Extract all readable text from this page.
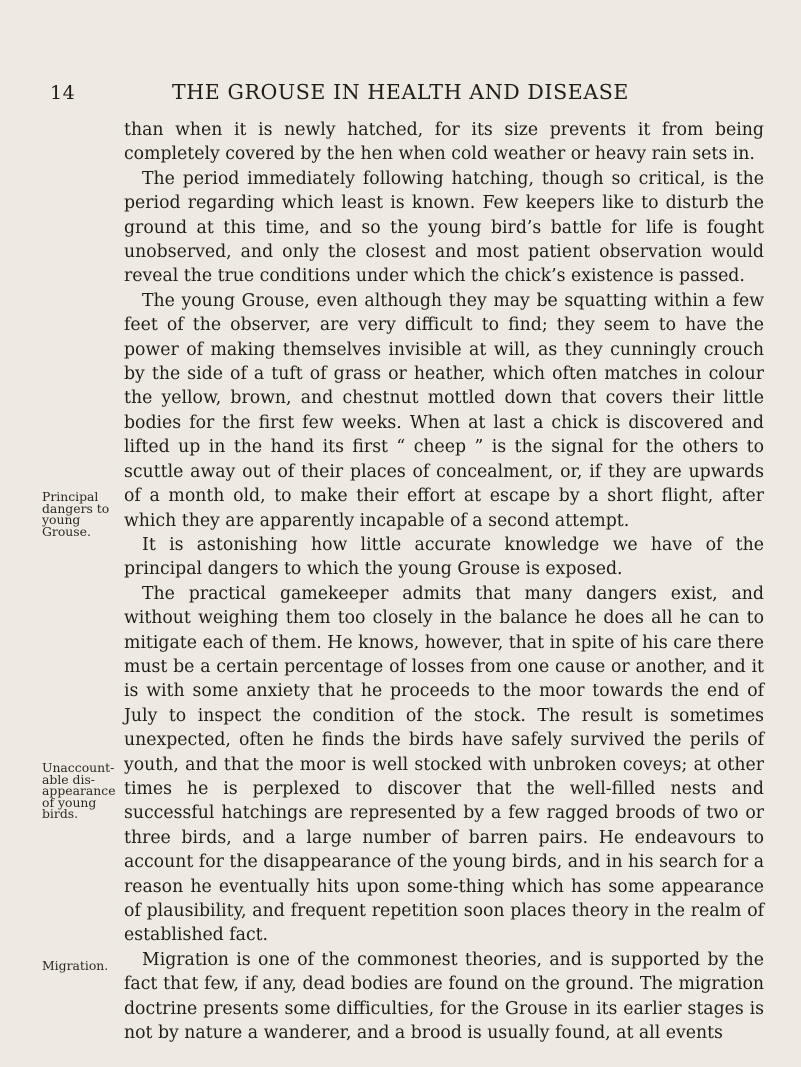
14	THE GROUSE IN HEALTH AND DISEASE
Principal dangers to young Grouse.
Unaccount-able dis-appearance of young birds.
Migration.

than when it is newly hatched, for its size prevents it from being completely covered by the hen when cold weather or heavy rain sets in.

The period immediately following hatching, though so critical, is the period regarding which least is known. Few keepers like to disturb the ground at this time, and so the young bird’s battle for life is fought unobserved, and only the closest and most patient observation would reveal the true conditions under which the chick’s existence is passed.

The young Grouse, even although they may be squatting within a few feet of the observer, are very difficult to find; they seem to have the power of making themselves invisible at will, as they cunningly crouch by the side of a tuft of grass or heather, which often matches in colour the yellow, brown, and chestnut mottled down that covers their little bodies for the first few weeks. When at last a chick is discovered and lifted up in the hand its first “ cheep ” is the signal for the others to scuttle away out of their places of concealment, or, if they are upwards of a month old, to make their effort at escape by a short flight, after which they are apparently incapable of a second attempt.

It is astonishing how little accurate knowledge we have of the principal dangers to which the young Grouse is exposed.

The practical gamekeeper admits that many dangers exist, and without weighing them too closely in the balance he does all he can to mitigate each of them. He knows, however, that in spite of his care there must be a certain percentage of losses from one cause or another, and it is with some anxiety that he proceeds to the moor towards the end of July to inspect the condition of the stock. The result is sometimes unexpected, often he finds the birds have safely survived the perils of youth, and that the moor is well stocked with unbroken coveys; at other times he is perplexed to discover that the well-filled nests and successful hatchings are represented by a few ragged broods of two or three birds, and a large number of barren pairs. He endeavours to account for the disappearance of the young birds, and in his search for a reason he eventually hits upon some-thing which has some appearance of plausibility, and frequent repetition soon places theory in the realm of established fact.

Migration is one of the commonest theories, and is supported by the fact that few, if any, dead bodies are found on the ground. The migration doctrine presents some difficulties, for the Grouse in its earlier stages is not by nature a wanderer, and a brood is usually found, at all events
